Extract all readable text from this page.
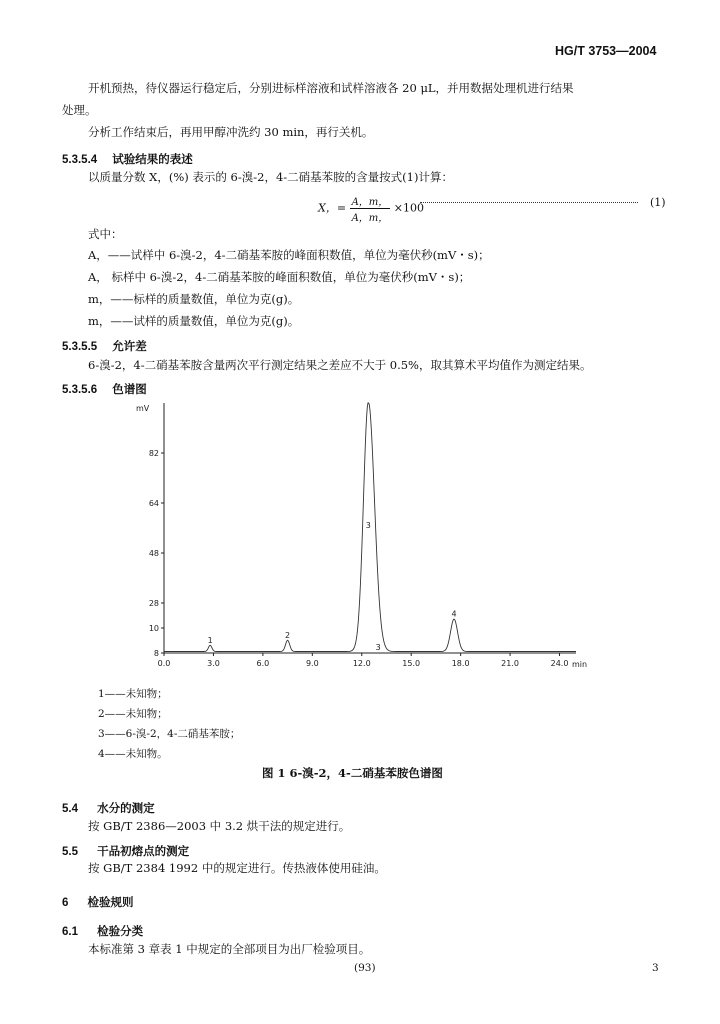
HG/T 3753—2004
开机预热，待仪器运行稳定后，分别进标样溶液和试样溶液各 20 μL，并用数据处理机进行结果
处理。
分析工作结束后，再用甲醇冲洗约 30 min，再行关机。
5.3.5.4 试验结果的表述
以质量分数 X，(%) 表示的 6-溴-2，4-二硝基苯胺的含量按式(1)计算：
X，= $\frac{A,m,}{A,m,} \times 100$	(1)
式中：
A，——试样中 6-溴-2，4-二硝基苯胺的峰面积数值，单位为毫伏秒(mV・s)；
A， 标样中 6-溴-2，4-二硝基苯胺的峰面积数值，单位为毫伏秒(mV・s)；
m，——标样的质量数值，单位为克(g)。
m，——试样的质量数值，单位为克(g)。
5.3.5.5 允许差
6-溴-2，4-二硝基苯胺含量两次平行测定结果之差应不大于 0.5%，取其算术平均值作为测定结果。
5.3.5.6 色谱图
mV
min
0.0	3.0	6.0	9.0	12.0	15.0	18.0	21.0	24.0
8
10
28
48
64
82
1
2
3
4
3
1——未知物；
2——未知物；
3——6-溴-2，4-二硝基苯胺；
4——未知物。
图 1 6-溴-2，4-二硝基苯胺色谱图
5.4 水分的测定
按 GB/T 2386—2003 中 3.2 烘干法的规定进行。
5.5 干品初熔点的测定
按 GB/T 2384 1992 中的规定进行。传热液体使用硅油。
6 检验规则
6.1 检验分类
本标准第 3 章表 1 中规定的全部项目为出厂检验项目。
(93)	3
